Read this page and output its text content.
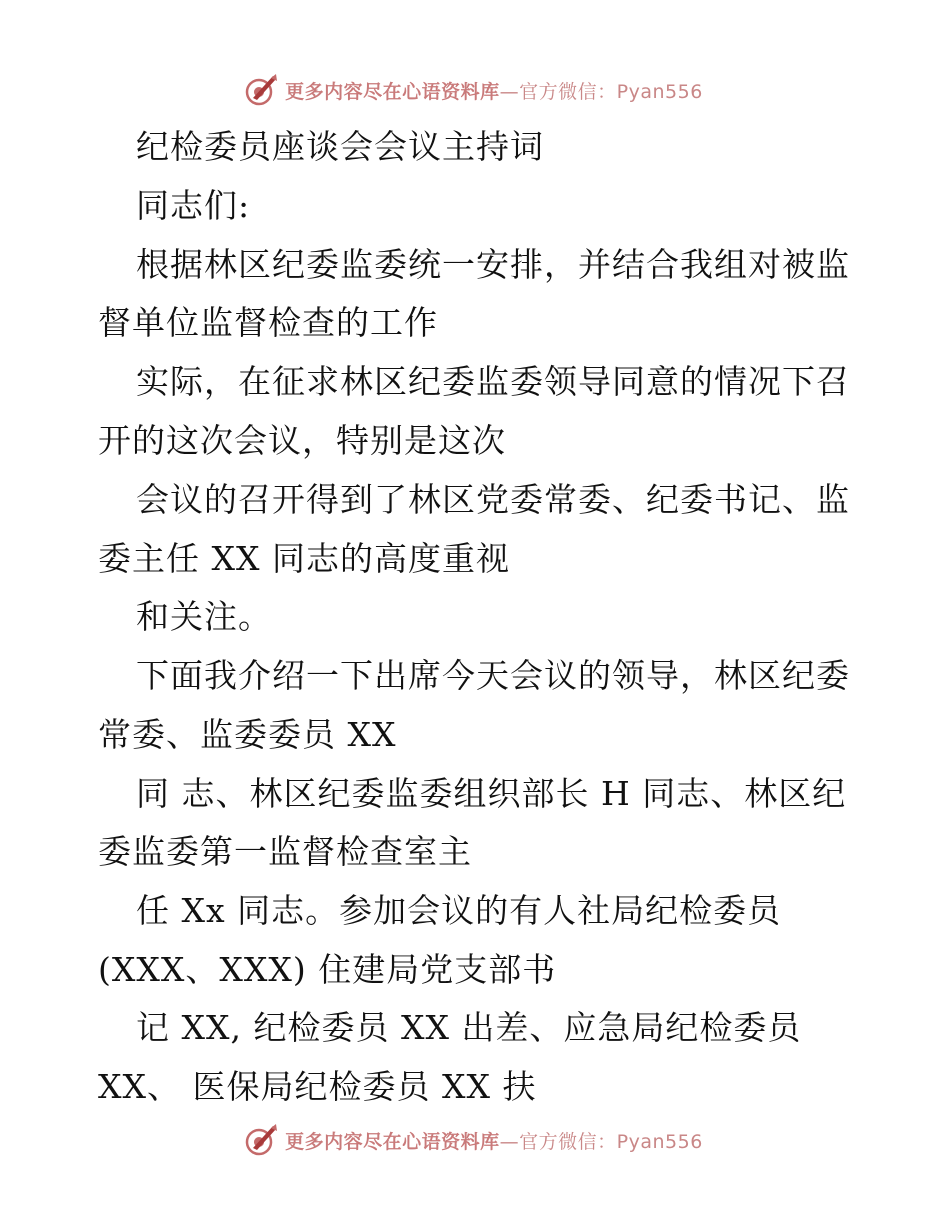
更多内容尽在心语资料库—官方微信：Pyan556
纪检委员座谈会会议主持词
同志们:
根据林区纪委监委统一安排，并结合我组对被监
督单位监督检查的工作
实际，在征求林区纪委监委领导同意的情况下召
开的这次会议，特别是这次
会议的召开得到了林区党委常委、纪委书记、监
委主任 XX 同志的高度重视
和关注。
下面我介绍一下出席今天会议的领导，林区纪委
常委、监委委员 XX
同 志、林区纪委监委组织部长 H 同志、林区纪
委监委第一监督检查室主
任 Xx 同志。参加会议的有人社局纪检委员
(XXX、XXX) 住建局党支部书
记 XX, 纪检委员 XX 出差、应急局纪检委员
XX、 医保局纪检委员 XX 扶
更多内容尽在心语资料库—官方微信：Pyan556
